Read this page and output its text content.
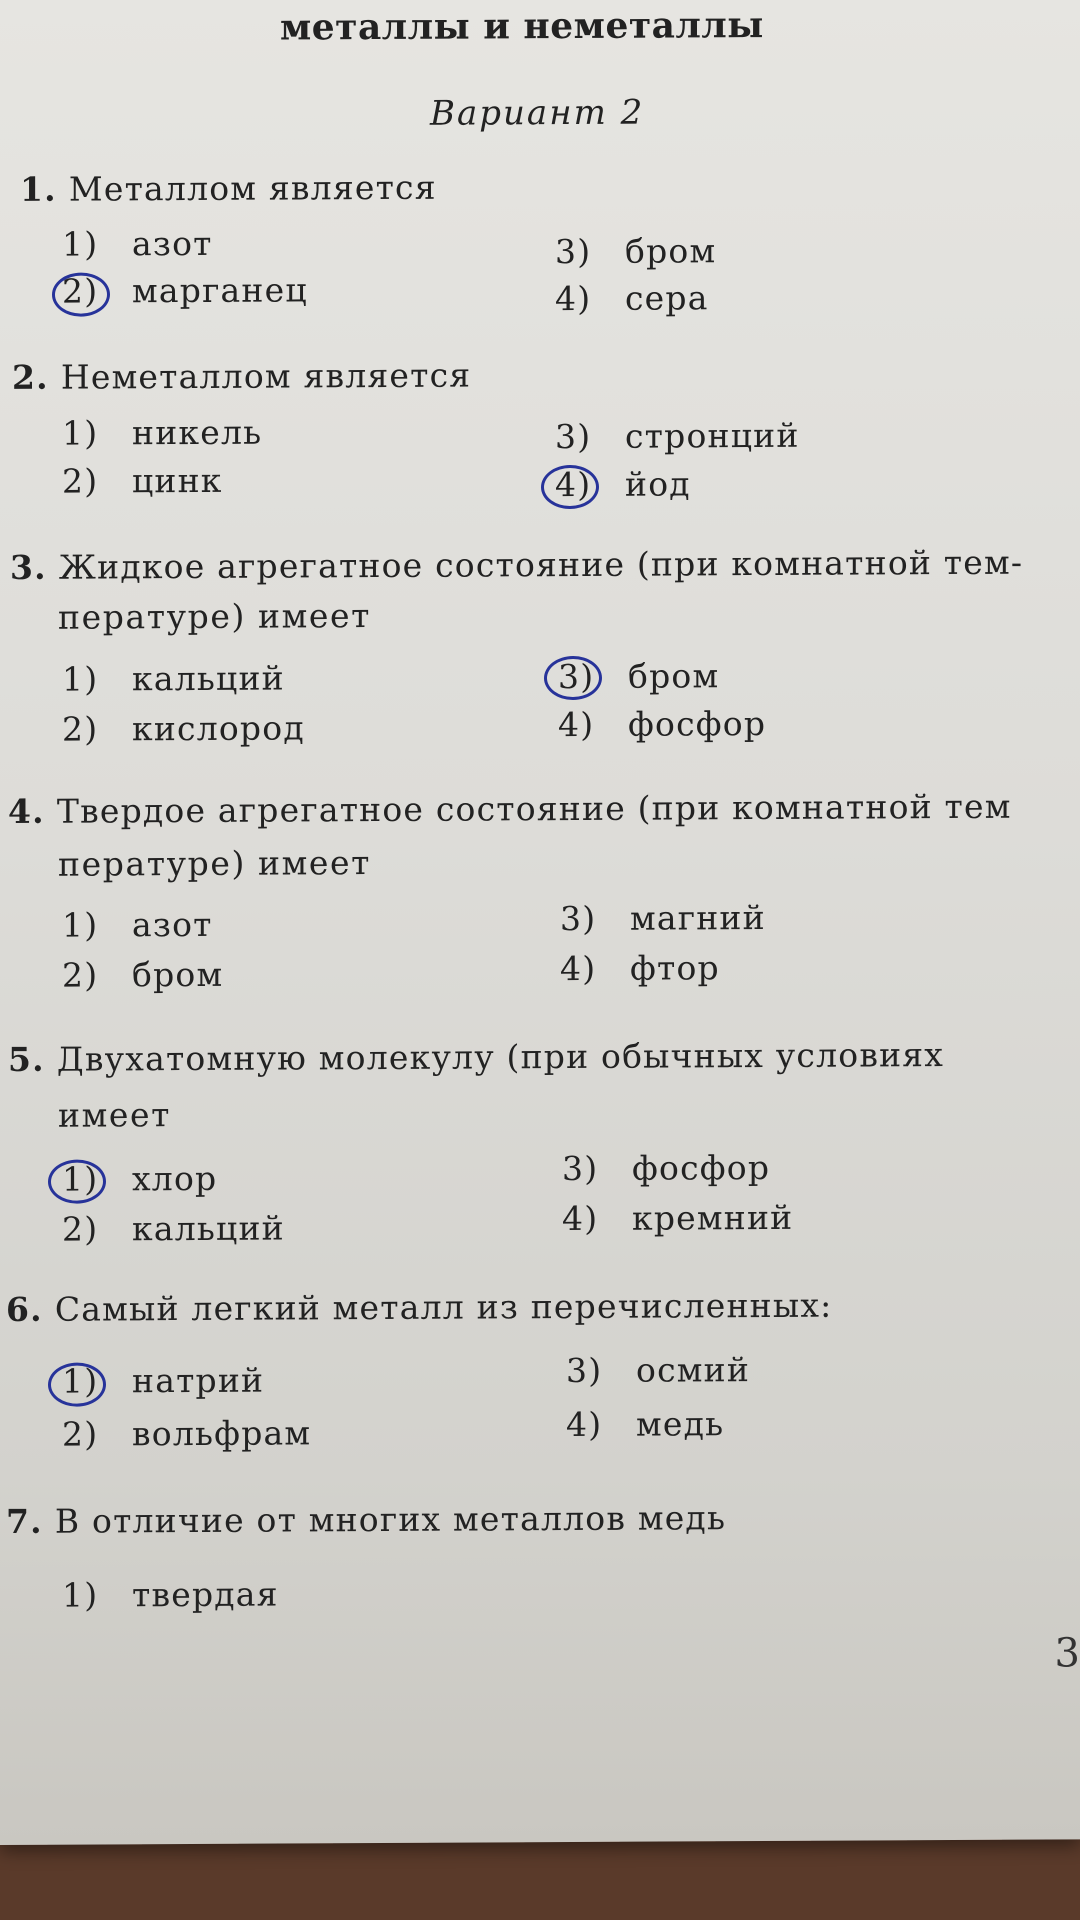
металлы и неметаллы
Вариант 2
1. Металлом является
1) азот
2) марганец
3) бром
4) сера
2. Неметаллом является
1) никель
2) цинк
3) стронций
4) йод
3. Жидкое агрегатное состояние (при комнатной тем-
пературе) имеет
1) кальций
2) кислород
3) бром
4) фосфор
4. Твердое агрегатное состояние (при комнатной тем
пературе) имеет
1) азот
2) бром
3) магний
4) фтор
5. Двухатомную молекулу (при обычных условиях
имеет
1) хлор
2) кальций
3) фосфор
4) кремний
6. Самый легкий металл из перечисленных:
1) натрий
2) вольфрам
3) осмий
4) медь
7. В отличие от многих металлов медь
1) твердая
3
